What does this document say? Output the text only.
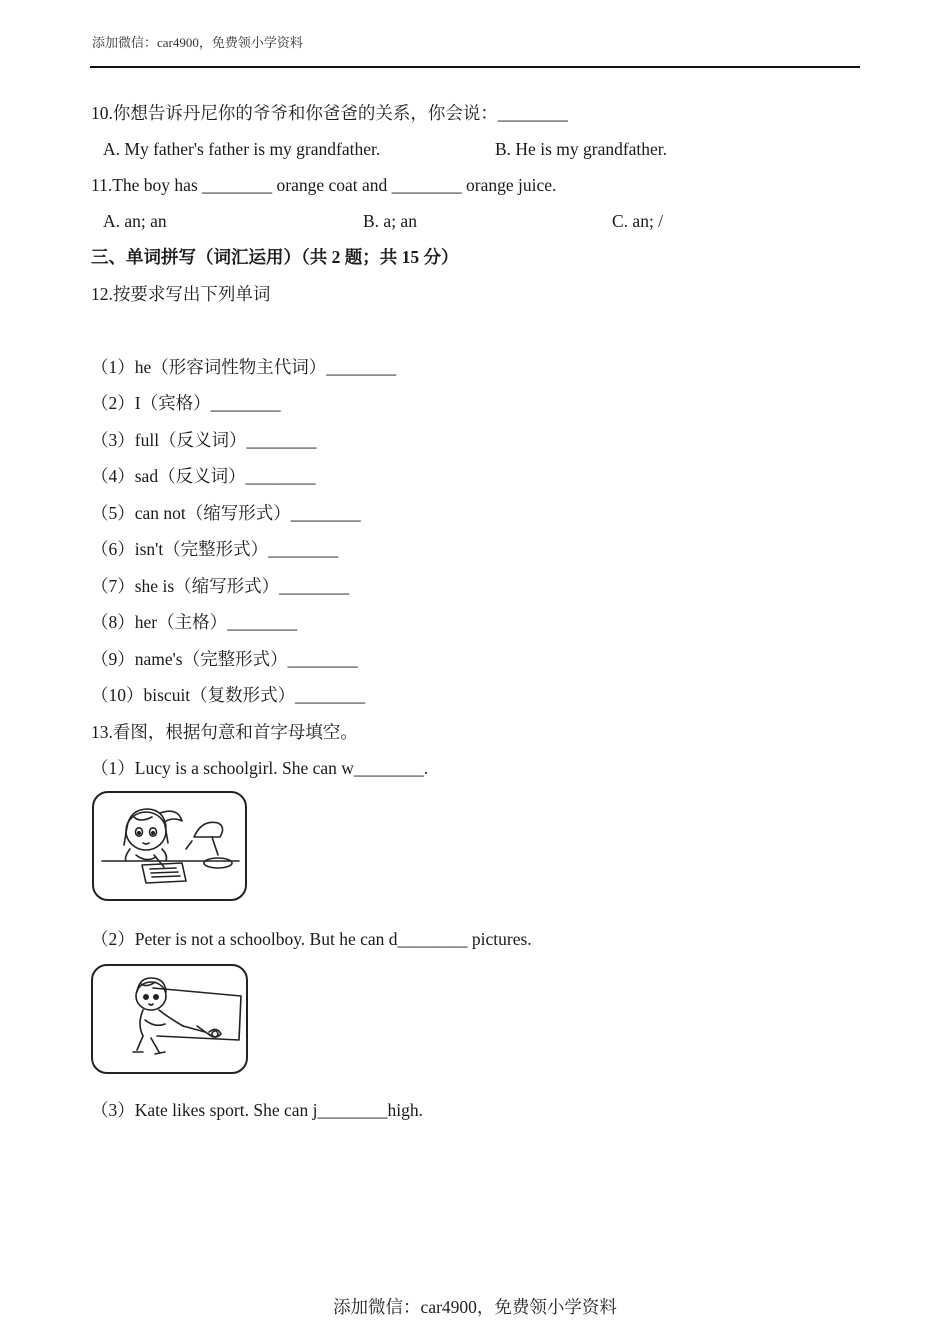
添加微信：car4900，免费领小学资料
10.你想告诉丹尼你的爷爷和你爸爸的关系，你会说：________
A. My father's father is my grandfather.	B. He is my grandfather.
11.The boy has ________ orange coat and ________ orange juice.
A. an; an	B. a; an	C. an; /
三、单词拼写（词汇运用）（共 2 题；共 15 分）
12.按要求写出下列单词
（1）he（形容词性物主代词）________
（2）I（宾格）________
（3）full（反义词）________
（4）sad（反义词）________
（5）can not（缩写形式）________
（6）isn't（完整形式）________
（7）she is（缩写形式）________
（8）her（主格）________
（9）name's（完整形式）________
（10）biscuit（复数形式）________
13.看图，根据句意和首字母填空。
（1）Lucy is a schoolgirl. She can w________.
（2）Peter is not a schoolboy. But he can d________ pictures.
（3）Kate likes sport. She can j________high.
添加微信：car4900，免费领小学资料
